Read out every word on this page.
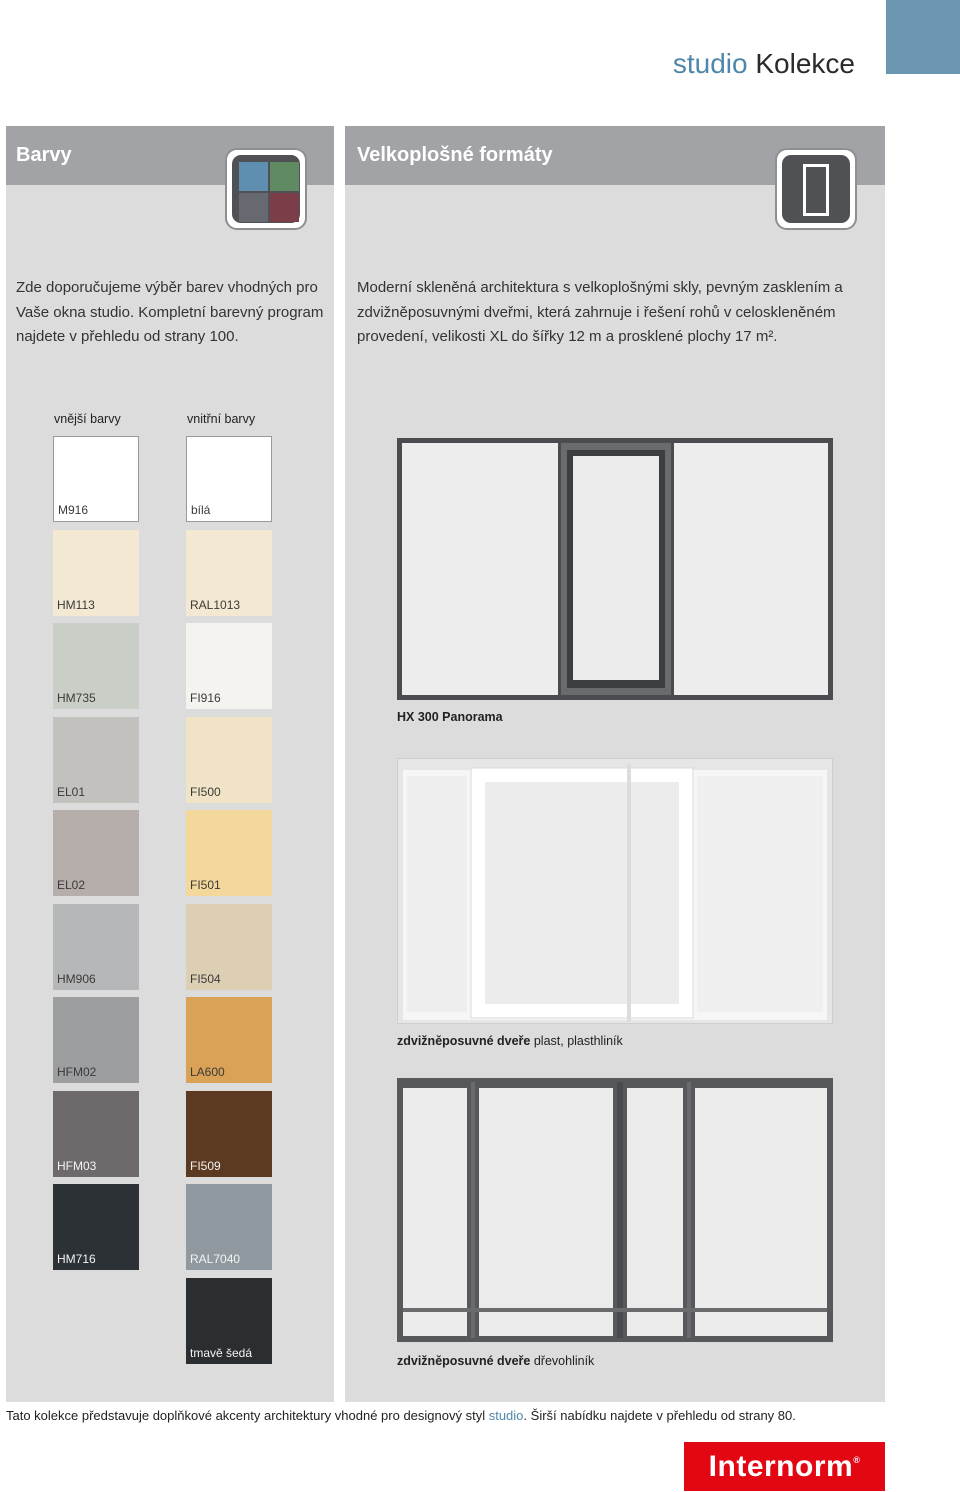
studio Kolekce
Barvy
Zde doporučujeme výběr barev vhodných pro Vaše okna studio. Kompletní barevný program najdete v přehledu od strany 100.
vnější barvy	vnitřní barvy
M916
HM113
HM735
EL01
EL02
HM906
HFM02
HFM03
HM716
bílá
RAL1013
FI916
FI500
FI501
FI504
LA600
FI509
RAL7040
tmavě šedá
Velkoplošné formáty
Moderní skleněná architektura s velkoplošnými skly, pevným zasklením a zdvižněposuvnými dveřmi, která zahrnuje i řešení rohů v celoskleněném provedení, velikosti XL do šířky 12 m a prosklené plochy 17 m².
HX 300 Panorama
zdvižněposuvné dveře plast, plasthliník
zdvižněposuvné dveře dřevohliník
Tato kolekce představuje doplňkové akcenty architektury vhodné pro designový styl studio. Širší nabídku najdete v přehledu od strany 80.
Internorm®
